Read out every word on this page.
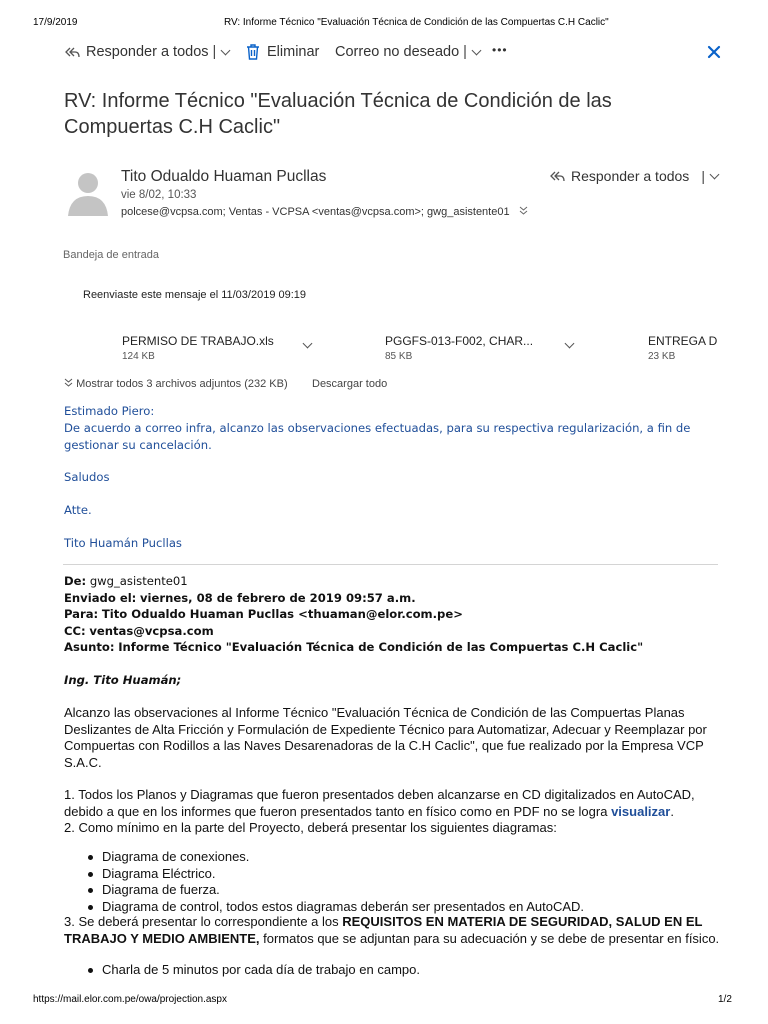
17/9/2019	RV: Informe Técnico "Evaluación Técnica de Condición de las Compuertas C.H Caclic"
Responder a todos |	Eliminar Correo no deseado | •••
RV: Informe Técnico "Evaluación Técnica de Condición de las Compuertas C.H Caclic"
Tito Odualdo Huaman Pucllas
vie 8/02, 10:33
polcese@vcpsa.com; Ventas - VCPSA <ventas@vcpsa.com>; gwg_asistente01
Responder a todos |
Bandeja de entrada
Reenviaste este mensaje el 11/03/2019 09:19
PERMISO DE TRABAJO.xls
124 KB
PGGFS-013-F002, CHAR...
85 KB
ENTREGA D
23 KB
Mostrar todos 3 archivos adjuntos (232 KB) Descargar todo
Estimado Piero:
De acuerdo a correo infra, alcanzo las observaciones efectuadas, para su respectiva regularización, a fin de
gestionar su cancelación.
Saludos
Atte.
Tito Huamán Pucllas
De: gwg_asistente01
Enviado el: viernes, 08 de febrero de 2019 09:57 a.m.
Para: Tito Odualdo Huaman Pucllas <thuaman@elor.com.pe>
CC: ventas@vcpsa.com
Asunto: Informe Técnico "Evaluación Técnica de Condición de las Compuertas C.H Caclic"
Ing. Tito Huamán;
Alcanzo las observaciones al Informe Técnico "Evaluación Técnica de Condición de las Compuertas Planas
Deslizantes de Alta Fricción y Formulación de Expediente Técnico para Automatizar, Adecuar y Reemplazar por
Compuertas con Rodillos a las Naves Desarenadoras de la C.H Caclic", que fue realizado por la Empresa VCP
S.A.C.
1. Todos los Planos y Diagramas que fueron presentados deben alcanzarse en CD digitalizados en AutoCAD,
debido a que en los informes que fueron presentados tanto en físico como en PDF no se logra visualizar.
2. Como mínimo en la parte del Proyecto, deberá presentar los siguientes diagramas:
Diagrama de conexiones.
Diagrama Eléctrico.
Diagrama de fuerza.
Diagrama de control, todos estos diagramas deberán ser presentados en AutoCAD.
3. Se deberá presentar lo correspondiente a los REQUISITOS EN MATERIA DE SEGURIDAD, SALUD EN EL
TRABAJO Y MEDIO AMBIENTE, formatos que se adjuntan para su adecuación y se debe de presentar en físico.
Charla de 5 minutos por cada día de trabajo en campo.
https://mail.elor.com.pe/owa/projection.aspx	1/2
